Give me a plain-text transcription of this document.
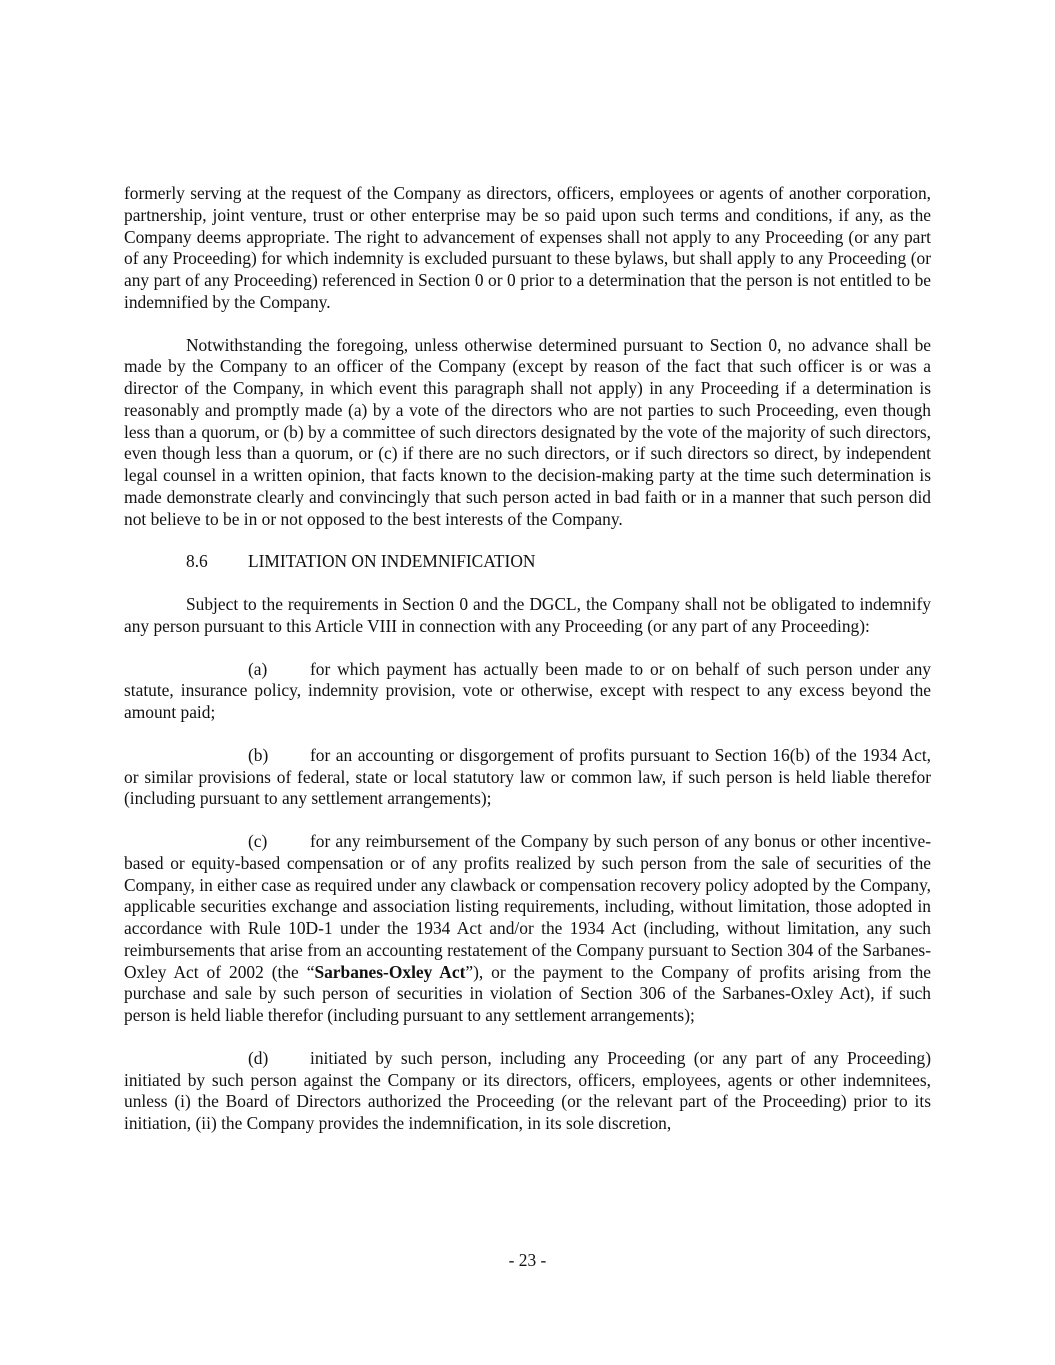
formerly serving at the request of the Company as directors, officers, employees or agents of another corporation, partnership, joint venture, trust or other enterprise may be so paid upon such terms and conditions, if any, as the Company deems appropriate. The right to advancement of expenses shall not apply to any Proceeding (or any part of any Proceeding) for which indemnity is excluded pursuant to these bylaws, but shall apply to any Proceeding (or any part of any Proceeding) referenced in Section 0 or 0 prior to a determination that the person is not entitled to be indemnified by the Company.

Notwithstanding the foregoing, unless otherwise determined pursuant to Section 0, no advance shall be made by the Company to an officer of the Company (except by reason of the fact that such officer is or was a director of the Company, in which event this paragraph shall not apply) in any Proceeding if a determination is reasonably and promptly made (a) by a vote of the directors who are not parties to such Proceeding, even though less than a quorum, or (b) by a committee of such directors designated by the vote of the majority of such directors, even though less than a quorum, or (c) if there are no such directors, or if such directors so direct, by independent legal counsel in a written opinion, that facts known to the decision-making party at the time such determination is made demonstrate clearly and convincingly that such person acted in bad faith or in a manner that such person did not believe to be in or not opposed to the best interests of the Company.

8.6 LIMITATION ON INDEMNIFICATION

Subject to the requirements in Section 0 and the DGCL, the Company shall not be obligated to indemnify any person pursuant to this Article VIII in connection with any Proceeding (or any part of any Proceeding):

(a) for which payment has actually been made to or on behalf of such person under any statute, insurance policy, indemnity provision, vote or otherwise, except with respect to any excess beyond the amount paid;

(b) for an accounting or disgorgement of profits pursuant to Section 16(b) of the 1934 Act, or similar provisions of federal, state or local statutory law or common law, if such person is held liable therefor (including pursuant to any settlement arrangements);

(c) for any reimbursement of the Company by such person of any bonus or other incentive-based or equity-based compensation or of any profits realized by such person from the sale of securities of the Company, in either case as required under any clawback or compensation recovery policy adopted by the Company, applicable securities exchange and association listing requirements, including, without limitation, those adopted in accordance with Rule 10D-1 under the 1934 Act and/or the 1934 Act (including, without limitation, any such reimbursements that arise from an accounting restatement of the Company pursuant to Section 304 of the Sarbanes-Oxley Act of 2002 (the “Sarbanes-Oxley Act”), or the payment to the Company of profits arising from the purchase and sale by such person of securities in violation of Section 306 of the Sarbanes-Oxley Act), if such person is held liable therefor (including pursuant to any settlement arrangements);

(d) initiated by such person, including any Proceeding (or any part of any Proceeding) initiated by such person against the Company or its directors, officers, employees, agents or other indemnitees, unless (i) the Board of Directors authorized the Proceeding (or the relevant part of the Proceeding) prior to its initiation, (ii) the Company provides the indemnification, in its sole discretion,

- 23 -
